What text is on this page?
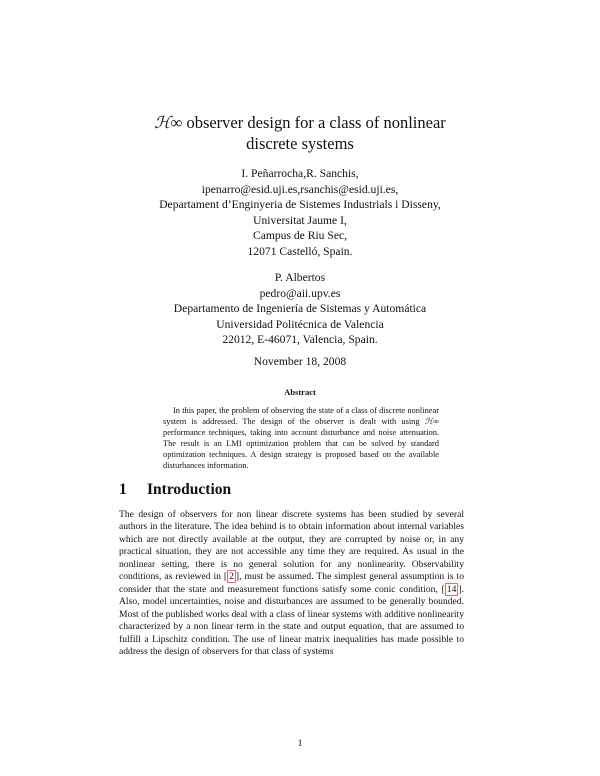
ℋ∞ observer design for a class of nonlinear
discrete systems
I. Peñarrocha,R. Sanchis,
ipenarro@esid.uji.es,rsanchis@esid.uji.es,
Departament d’Enginyeria de Sistemes Industrials i Disseny,
Universitat Jaume I,
Campus de Riu Sec,
12071 Castelló, Spain.
P. Albertos
pedro@aii.upv.es
Departamento de Ingeniería de Sistemas y Automática
Universidad Politécnica de Valencia
22012, E-46071, Valencia, Spain.
November 18, 2008
Abstract
In this paper, the problem of observing the state of a class of discrete nonlinear system is addressed. The design of the observer is dealt with using ℋ∞ performance techniques, taking into account disturbance and noise attenuation. The result is an LMI optimization problem that can be solved by standard optimization techniques. A design strategy is proposed based on the available disturbances information.
1 Introduction
The design of observers for non linear discrete systems has been studied by several authors in the literature. The idea behind is to obtain information about internal variables which are not directly available at the output, they are corrupted by noise or, in any practical situation, they are not accessible any time they are required. As usual in the nonlinear setting, there is no general solution for any nonlinearity. Observability conditions, as reviewed in [ 2 ], must be assumed. The simplest general assumption is to consider that the state and measurement functions satisfy some conic condition, [ 14 ]. Also, model uncertainties, noise and disturbances are assumed to be generally bounded. Most of the published works deal with a class of linear systems with additive nonlinearity characterized by a non linear term in the state and output equation, that are assumed to fulfill a Lipschitz condition. The use of linear matrix inequalities has made possible to address the design of observers for that class of systems
1
